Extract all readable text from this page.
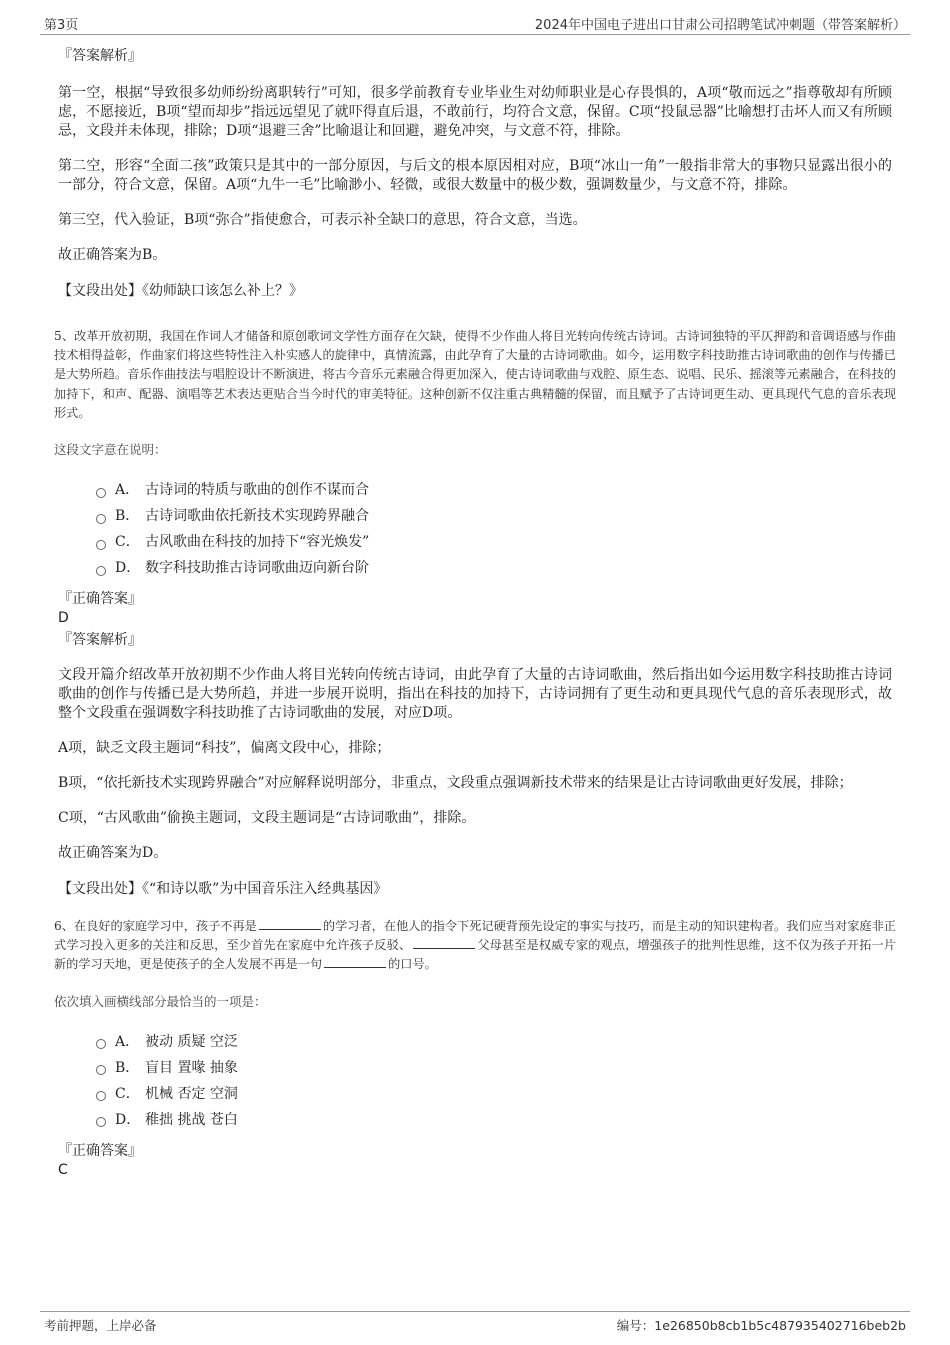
第3页	2024年中国电子进出口甘肃公司招聘笔试冲刺题（带答案解析）

『答案解析』

第一空，根据“导致很多幼师纷纷离职转行”可知，很多学前教育专业毕业生对幼师职业是心存畏惧的，A项“敬而远之”指尊敬却有所顾虑，不愿接近，B项“望而却步”指远远望见了就吓得直后退，不敢前行，均符合文意，保留。C项“投鼠忌器”比喻想打击坏人而又有所顾忌，文段并未体现，排除；D项“退避三舍”比喻退让和回避，避免冲突，与文意不符，排除。

第二空，形容“全面二孩”政策只是其中的一部分原因，与后文的根本原因相对应，B项“冰山一角”一般指非常大的事物只显露出很小的一部分，符合文意，保留。A项“九牛一毛”比喻渺小、轻微，或很大数量中的极少数，强调数量少，与文意不符，排除。

第三空，代入验证，B项“弥合”指使愈合，可表示补全缺口的意思，符合文意，当选。

故正确答案为B。

【文段出处】《幼师缺口该怎么补上？》

5、改革开放初期，我国在作词人才储备和原创歌词文学性方面存在欠缺，使得不少作曲人将目光转向传统古诗词。古诗词独特的平仄押韵和音调语感与作曲技术相得益彰，作曲家们将这些特性注入朴实感人的旋律中，真情流露，由此孕育了大量的古诗词歌曲。如今，运用数字科技助推古诗词歌曲的创作与传播已是大势所趋。音乐作曲技法与唱腔设计不断演进，将古今音乐元素融合得更加深入，使古诗词歌曲与戏腔、原生态、说唱、民乐、摇滚等元素融合，在科技的加持下，和声、配器、演唱等艺术表达更贴合当今时代的审美特征。这种创新不仅注重古典精髓的保留，而且赋予了古诗词更生动、更具现代气息的音乐表现形式。

这段文字意在说明：

A． 古诗词的特质与歌曲的创作不谋而合
B． 古诗词歌曲依托新技术实现跨界融合
C． 古风歌曲在科技的加持下“容光焕发”
D． 数字科技助推古诗词歌曲迈向新台阶

『正确答案』

D

『答案解析』

文段开篇介绍改革开放初期不少作曲人将目光转向传统古诗词，由此孕育了大量的古诗词歌曲，然后指出如今运用数字科技助推古诗词歌曲的创作与传播已是大势所趋，并进一步展开说明，指出在科技的加持下，古诗词拥有了更生动和更具现代气息的音乐表现形式，故整个文段重在强调数字科技助推了古诗词歌曲的发展，对应D项。

A项，缺乏文段主题词“科技”，偏离文段中心，排除；

B项，“依托新技术实现跨界融合”对应解释说明部分，非重点，文段重点强调新技术带来的结果是让古诗词歌曲更好发展，排除；

C项，“古风歌曲”偷换主题词，文段主题词是“古诗词歌曲”，排除。

故正确答案为D。

【文段出处】《“和诗以歌”为中国音乐注入经典基因》

6、在良好的家庭学习中，孩子不再是	的学习者，在他人的指令下死记硬背预先设定的事实与技巧，而是主动的知识建构者。我们应当对家庭非正式学习投入更多的关注和反思，至少首先在家庭中允许孩子反驳、	父母甚至是权威专家的观点，增强孩子的批判性思维，这不仅为孩子开拓一片新的学习天地，更是使孩子的全人发展不再是一句	的口号。

依次填入画横线部分最恰当的一项是：

A． 被动 质疑 空泛
B． 盲目 置喙 抽象
C． 机械 否定 空洞
D． 稚拙 挑战 苍白

『正确答案』

C

考前押题，上岸必备	编号：1e26850b8cb1b5c487935402716beb2b
